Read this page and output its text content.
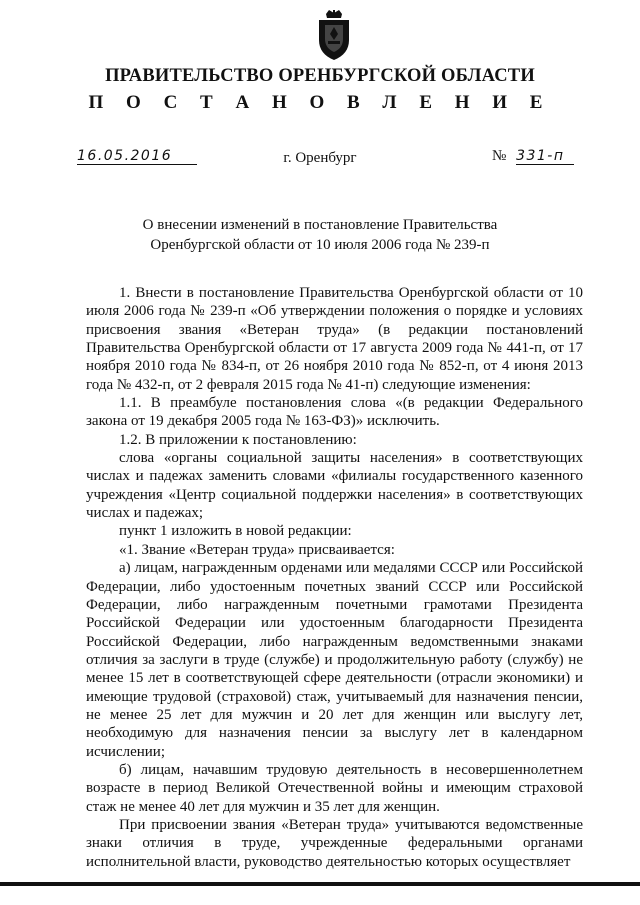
ПРАВИТЕЛЬСТВО ОРЕНБУРГСКОЙ ОБЛАСТИ
П О С Т А Н О В Л Е Н И Е
16.05.2016	г. Оренбург	№ 331-п
О внесении изменений в постановление Правительства
Оренбургской области от 10 июля 2006 года № 239-п

1. Внести в постановление Правительства Оренбургской области от 10 июля 2006 года № 239-п «Об утверждении положения о порядке и условиях присвоения звания «Ветеран труда» (в редакции постановлений Правительства Оренбургской области от 17 августа 2009 года № 441-п, от 17 ноября 2010 года № 834-п, от 26 ноября 2010 года № 852-п, от 4 июня 2013 года № 432-п, от 2 февраля 2015 года № 41-п) следующие изменения:

1.1. В преамбуле постановления слова «(в редакции Федерального закона от 19 декабря 2005 года № 163-ФЗ)» исключить.

1.2. В приложении к постановлению:

слова «органы социальной защиты населения» в соответствующих числах и падежах заменить словами «филиалы государственного казенного учреждения «Центр социальной поддержки населения» в соответствующих числах и падежах;

пункт 1 изложить в новой редакции:

«1. Звание «Ветеран труда» присваивается:

а) лицам, награжденным орденами или медалями СССР или Российской Федерации, либо удостоенным почетных званий СССР или Российской Федерации, либо награжденным почетными грамотами Президента Российской Федерации или удостоенным благодарности Президента Российской Федерации, либо награжденным ведомственными знаками отличия за заслуги в труде (службе) и продолжительную работу (службу) не менее 15 лет в соответствующей сфере деятельности (отрасли экономики) и имеющие трудовой (страховой) стаж, учитываемый для назначения пенсии, не менее 25 лет для мужчин и 20 лет для женщин или выслугу лет, необходимую для назначения пенсии за выслугу лет в календарном исчислении;

б) лицам, начавшим трудовую деятельность в несовершеннолетнем возрасте в период Великой Отечественной войны и имеющим страховой стаж не менее 40 лет для мужчин и 35 лет для женщин.

При присвоении звания «Ветеран труда» учитываются ведомственные знаки отличия в труде, учрежденные федеральными органами исполнительной власти, руководство деятельностью которых осуществляет
